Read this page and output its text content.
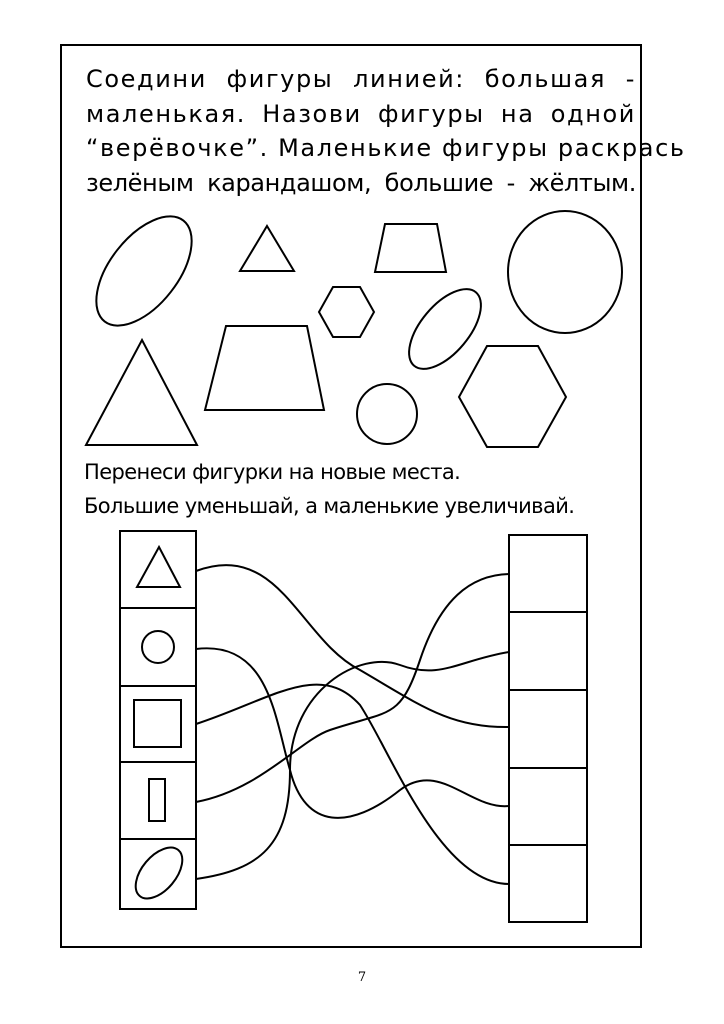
Соедини фигуры линией: большая -
маленькая. Назови фигуры на одной
“верёвочке”. Маленькие фигуры раскрась
зелёным карандашом, большие - жёлтым.

Перенеси фигурки на новые места.
Большие уменьшай, а маленькие увеличивай.

7
